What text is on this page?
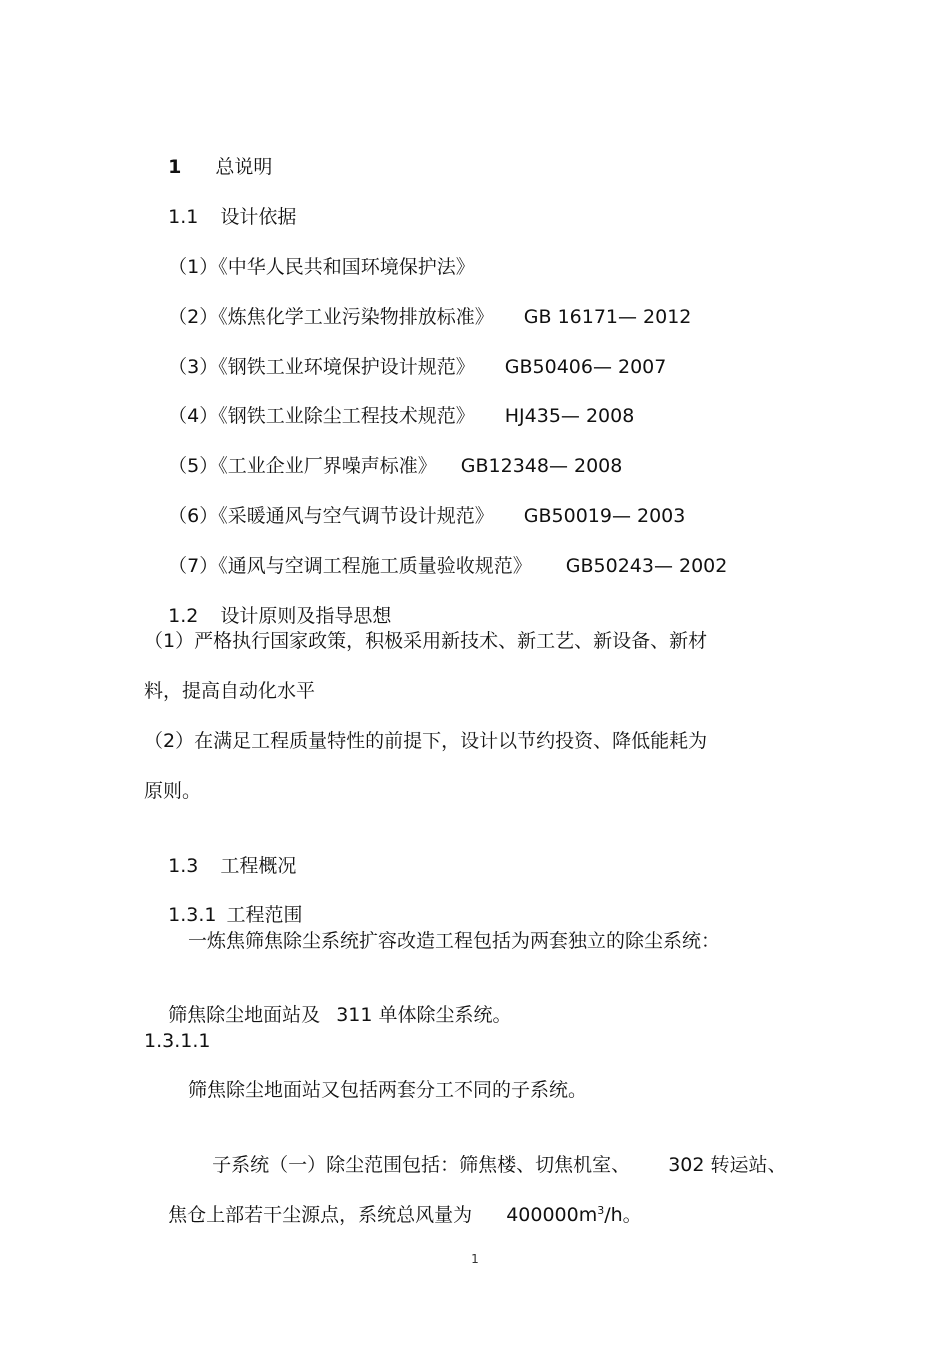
1 总说明

1.1 设计依据

（1）《中华人民共和国环境保护法》

（2）《炼焦化学工业污染物排放标准》 GB 16171— 2012

（3）《钢铁工业环境保护设计规范》 GB50406— 2007

（4）《钢铁工业除尘工程技术规范》 HJ435— 2008

（5）《工业企业厂界噪声标准》 GB12348— 2008

（6）《采暖通风与空气调节设计规范》 GB50019— 2003

（7）《通风与空调工程施工质量验收规范》 GB50243— 2002

1.2 设计原则及指导思想

（1）严格执行国家政策，积极采用新技术、新工艺、新设备、新材
料，提高自动化水平
（2）在满足工程质量特性的前提下，设计以节约投资、降低能耗为
原则。

1.3 工程概况

1.3.1 工程范围

一炼焦筛焦除尘系统扩容改造工程包括为两套独立的除尘系统：

筛焦除尘地面站及 311 单体除尘系统。

1.3.1.1
筛焦除尘地面站又包括两套分工不同的子系统。

子系统（一）除尘范围包括：筛焦楼、切焦机室、 302 转运站、

焦仓上部若干尘源点，系统总风量为 $400000m^3/h$。

1
